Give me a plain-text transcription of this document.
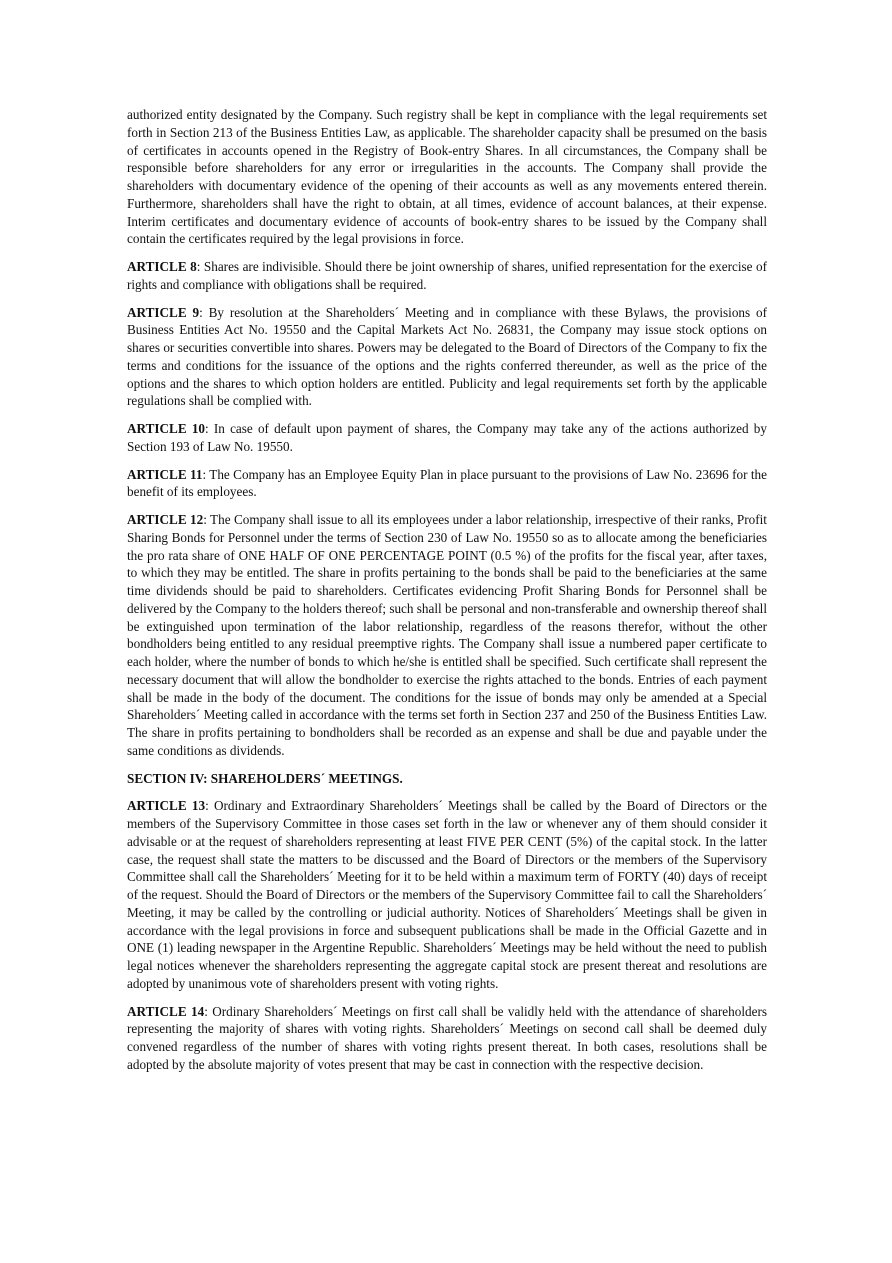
authorized entity designated by the Company. Such registry shall be kept in compliance with the legal requirements set forth in Section 213 of the Business Entities Law, as applicable. The shareholder capacity shall be presumed on the basis of certificates in accounts opened in the Registry of Book-entry Shares. In all circumstances, the Company shall be responsible before shareholders for any error or irregularities in the accounts. The Company shall provide the shareholders with documentary evidence of the opening of their accounts as well as any movements entered therein. Furthermore, shareholders shall have the right to obtain, at all times, evidence of account balances, at their expense. Interim certificates and documentary evidence of accounts of book-entry shares to be issued by the Company shall contain the certificates required by the legal provisions in force.

ARTICLE 8: Shares are indivisible. Should there be joint ownership of shares, unified representation for the exercise of rights and compliance with obligations shall be required.

ARTICLE 9: By resolution at the Shareholders´ Meeting and in compliance with these Bylaws, the provisions of Business Entities Act No. 19550 and the Capital Markets Act No. 26831, the Company may issue stock options on shares or securities convertible into shares. Powers may be delegated to the Board of Directors of the Company to fix the terms and conditions for the issuance of the options and the rights conferred thereunder, as well as the price of the options and the shares to which option holders are entitled. Publicity and legal requirements set forth by the applicable regulations shall be complied with.

ARTICLE 10: In case of default upon payment of shares, the Company may take any of the actions authorized by Section 193 of Law No. 19550.

ARTICLE 11: The Company has an Employee Equity Plan in place pursuant to the provisions of Law No. 23696 for the benefit of its employees.

ARTICLE 12: The Company shall issue to all its employees under a labor relationship, irrespective of their ranks, Profit Sharing Bonds for Personnel under the terms of Section 230 of Law No. 19550 so as to allocate among the beneficiaries the pro rata share of ONE HALF OF ONE PERCENTAGE POINT (0.5 %) of the profits for the fiscal year, after taxes, to which they may be entitled. The share in profits pertaining to the bonds shall be paid to the beneficiaries at the same time dividends should be paid to shareholders. Certificates evidencing Profit Sharing Bonds for Personnel shall be delivered by the Company to the holders thereof; such shall be personal and non-transferable and ownership thereof shall be extinguished upon termination of the labor relationship, regardless of the reasons therefor, without the other bondholders being entitled to any residual preemptive rights. The Company shall issue a numbered paper certificate to each holder, where the number of bonds to which he/she is entitled shall be specified. Such certificate shall represent the necessary document that will allow the bondholder to exercise the rights attached to the bonds. Entries of each payment shall be made in the body of the document. The conditions for the issue of bonds may only be amended at a Special Shareholders´ Meeting called in accordance with the terms set forth in Section 237 and 250 of the Business Entities Law. The share in profits pertaining to bondholders shall be recorded as an expense and shall be due and payable under the same conditions as dividends.

SECTION IV: SHAREHOLDERS´ MEETINGS.

ARTICLE 13: Ordinary and Extraordinary Shareholders´ Meetings shall be called by the Board of Directors or the members of the Supervisory Committee in those cases set forth in the law or whenever any of them should consider it advisable or at the request of shareholders representing at least FIVE PER CENT (5%) of the capital stock. In the latter case, the request shall state the matters to be discussed and the Board of Directors or the members of the Supervisory Committee shall call the Shareholders´ Meeting for it to be held within a maximum term of FORTY (40) days of receipt of the request. Should the Board of Directors or the members of the Supervisory Committee fail to call the Shareholders´ Meeting, it may be called by the controlling or judicial authority. Notices of Shareholders´ Meetings shall be given in accordance with the legal provisions in force and subsequent publications shall be made in the Official Gazette and in ONE (1) leading newspaper in the Argentine Republic. Shareholders´ Meetings may be held without the need to publish legal notices whenever the shareholders representing the aggregate capital stock are present thereat and resolutions are adopted by unanimous vote of shareholders present with voting rights.

ARTICLE 14: Ordinary Shareholders´ Meetings on first call shall be validly held with the attendance of shareholders representing the majority of shares with voting rights. Shareholders´ Meetings on second call shall be deemed duly convened regardless of the number of shares with voting rights present thereat. In both cases, resolutions shall be adopted by the absolute majority of votes present that may be cast in connection with the respective decision.
